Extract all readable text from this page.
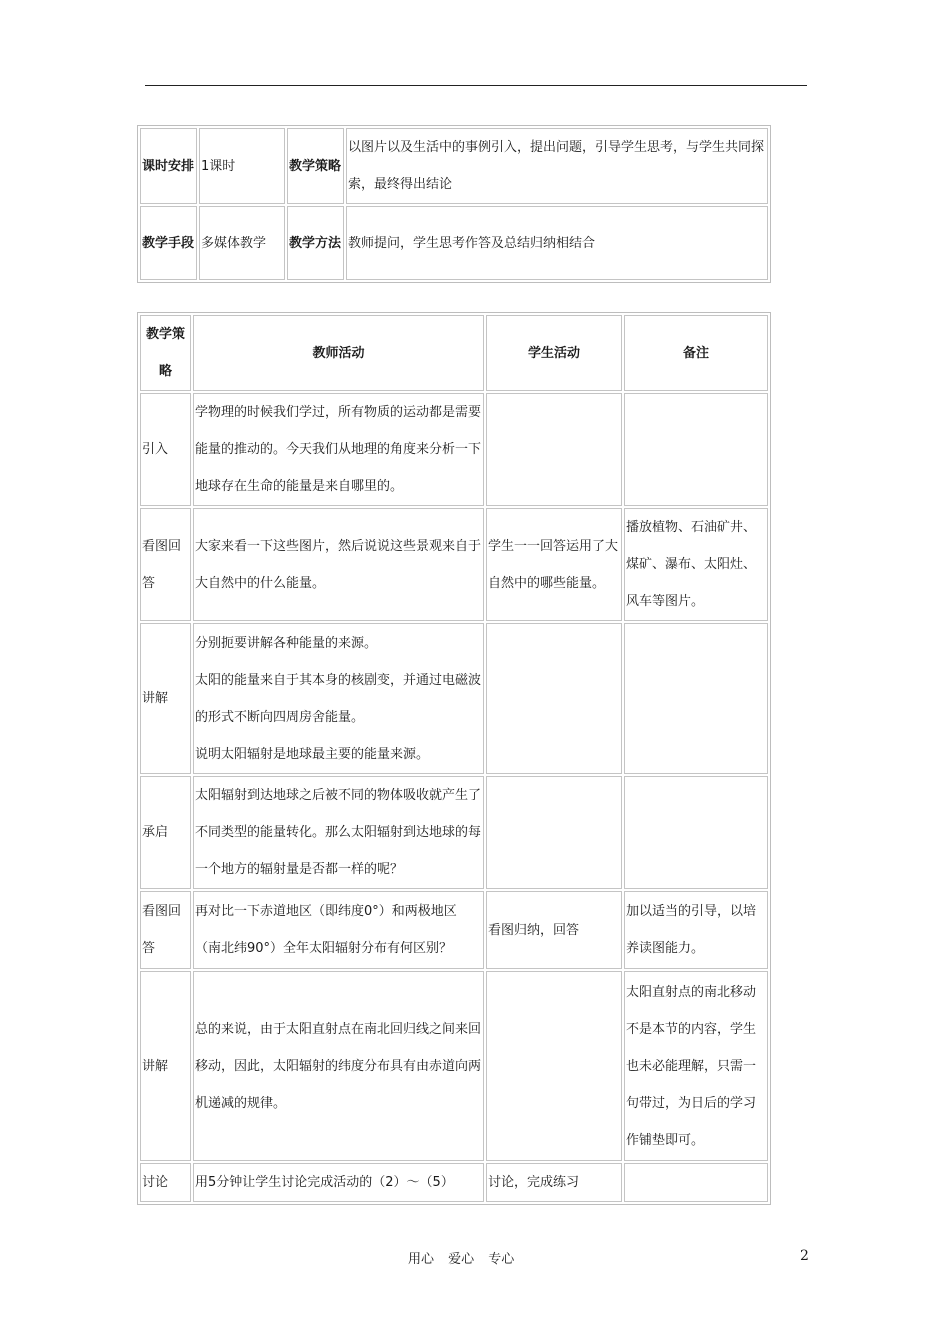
课时安排	1课时	教学策略	以图片以及生活中的事例引入，提出问题，引导学生思考，与学生共同探索，最终得出结论
教学手段	多媒体教学	教学方法	教师提问，学生思考作答及总结归纳相结合
教学策略	教师活动	学生活动	备注
引入	学物理的时候我们学过，所有物质的运动都是需要能量的推动的。今天我们从地理的角度来分析一下地球存在生命的能量是来自哪里的。		
看图回答	大家来看一下这些图片，然后说说这些景观来自于大自然中的什么能量。	学生一一回答运用了大自然中的哪些能量。	播放植物、石油矿井、煤矿、瀑布、太阳灶、风车等图片。
讲解	分别扼要讲解各种能量的来源。
太阳的能量来自于其本身的核剧变，并通过电磁波的形式不断向四周房舍能量。
说明太阳辐射是地球最主要的能量来源。		

承启	太阳辐射到达地球之后被不同的物体吸收就产生了不同类型的能量转化。那么太阳辐射到达地球的每一个地方的辐射量是否都一样的呢？		
看图回答	再对比一下赤道地区（即纬度0°）和两极地区（南北纬90°）全年太阳辐射分布有何区别？	看图归纳，回答	加以适当的引导，以培养读图能力。
讲解	总的来说，由于太阳直射点在南北回归线之间来回移动，因此，太阳辐射的纬度分布具有由赤道向两机递减的规律。		太阳直射点的南北移动不是本节的内容，学生也未必能理解，只需一句带过，为日后的学习作铺垫即可。
讨论	用5分钟让学生讨论完成活动的（2）～（5）	讨论，完成练习	
用心 爱心 专心	2
